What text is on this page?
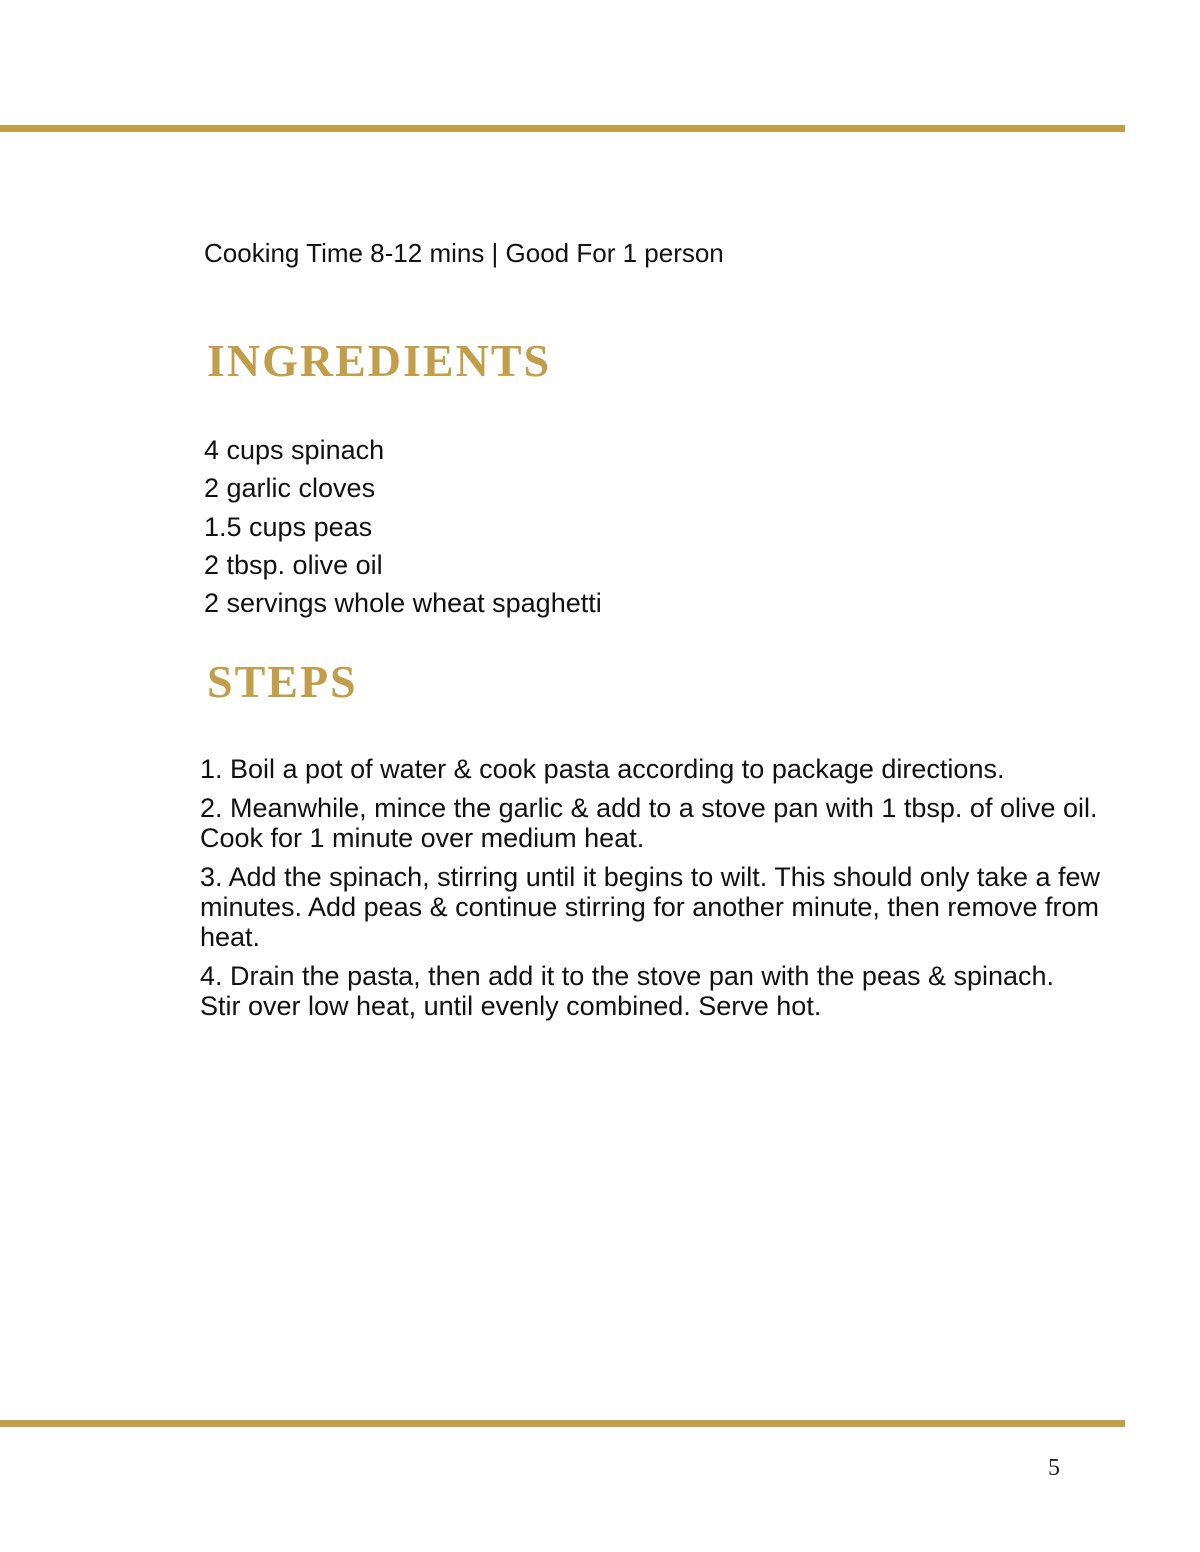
Cooking Time 8-12 mins | Good For 1 person
INGREDIENTS
4 cups spinach
2 garlic cloves
1.5 cups peas
2 tbsp. olive oil
2 servings whole wheat spaghetti
STEPS

1. Boil a pot of water & cook pasta according to package directions.

2. Meanwhile, mince the garlic & add to a stove pan with 1 tbsp. of olive oil. Cook for 1 minute over medium heat.

3. Add the spinach, stirring until it begins to wilt. This should only take a few minutes. Add peas & continue stirring for another minute, then remove from heat.

4. Drain the pasta, then add it to the stove pan with the peas & spinach. Stir over low heat, until evenly combined. Serve hot.

5
